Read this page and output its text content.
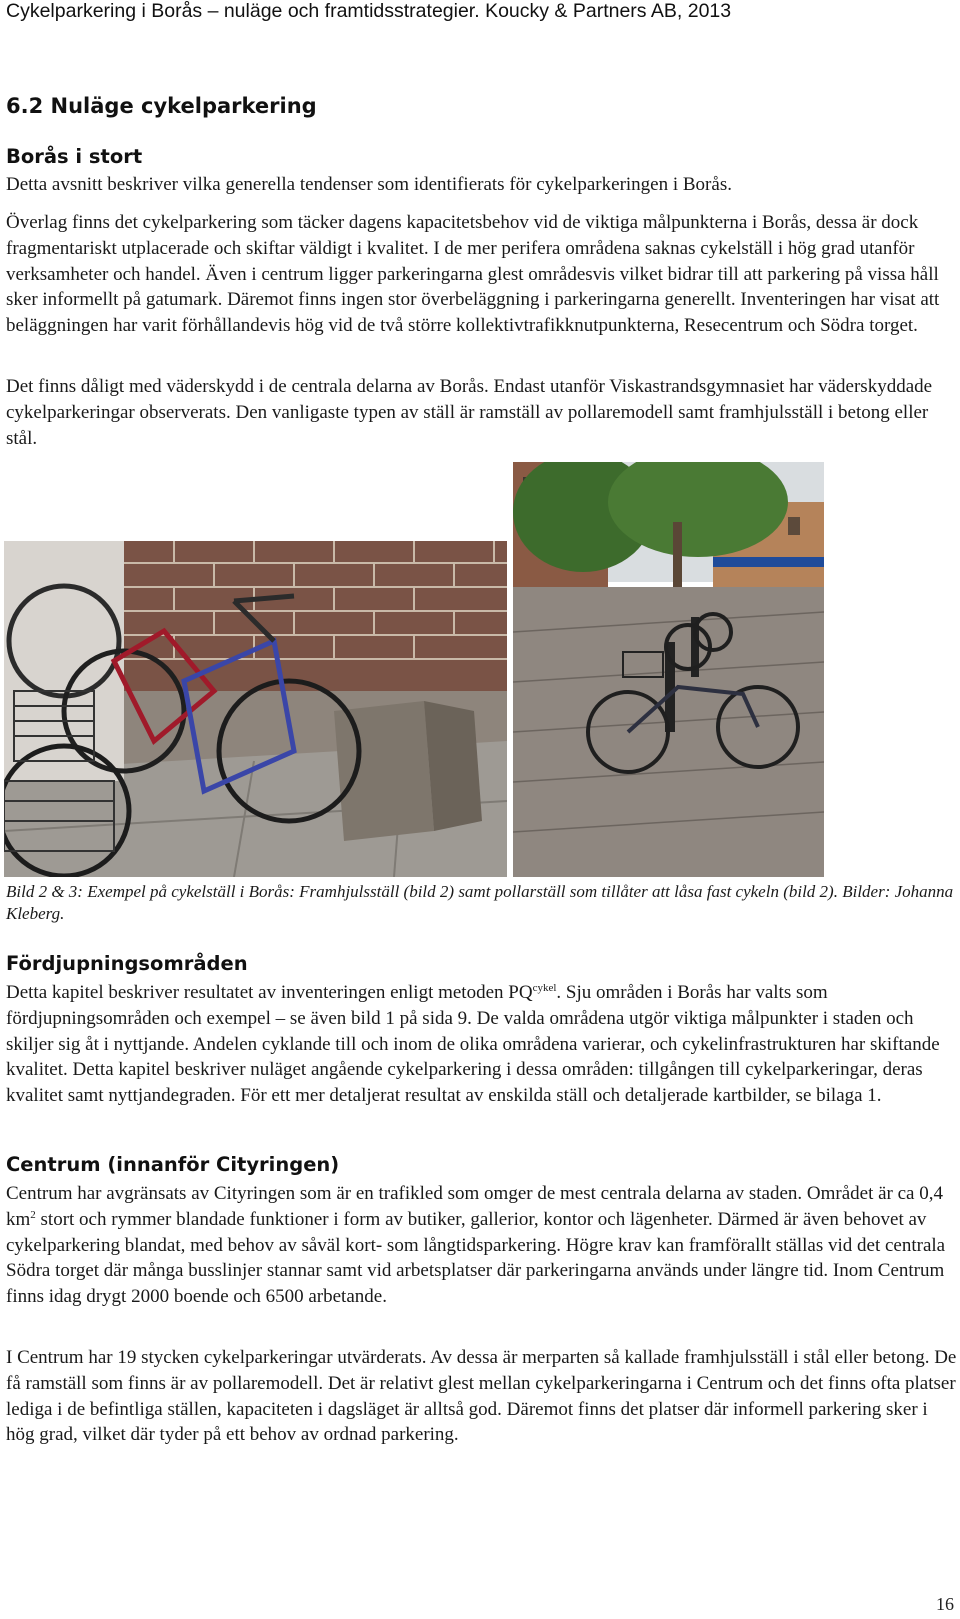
Cykelparkering i Borås – nuläge och framtidsstrategier. Koucky & Partners AB, 2013
6.2 Nuläge cykelparkering
Borås i stort

Detta avsnitt beskriver vilka generella tendenser som identifierats för cykelparkeringen i Borås.

Överlag finns det cykelparkering som täcker dagens kapacitetsbehov vid de viktiga målpunkterna i Borås, dessa är dock fragmentariskt utplacerade och skiftar väldigt i kvalitet. I de mer perifera områdena saknas cykelställ i hög grad utanför verksamheter och handel. Även i centrum ligger parkeringarna glest områdesvis vilket bidrar till att parkering på vissa håll sker informellt på gatumark. Däremot finns ingen stor överbeläggning i parkeringarna generellt. Inventeringen har visat att beläggningen har varit förhållandevis hög vid de två större kollektivtrafikknutpunkterna, Resecentrum och Södra torget.

Det finns dåligt med väderskydd i de centrala delarna av Borås. Endast utanför Viskastrandsgymnasiet har väderskyddade cykelparkeringar observerats. Den vanligaste typen av ställ är ramställ av pollaremodell samt framhjulsställ i betong eller stål.

Bild 2 & 3: Exempel på cykelställ i Borås: Framhjulsställ (bild 2) samt pollarställ som tillåter att låsa fast cykeln (bild 2). Bilder: Johanna Kleberg.
Fördjupningsområden

Detta kapitel beskriver resultatet av inventeringen enligt metoden $PQ^{cykel}$. Sju områden i Borås har valts som fördjupningsområden och exempel – se även bild 1 på sida 9. De valda områdena utgör viktiga målpunkter i staden och skiljer sig åt i nyttjande. Andelen cyklande till och inom de olika områdena varierar, och cykelinfrastrukturen har skiftande kvalitet. Detta kapitel beskriver nuläget angående cykelparkering i dessa områden: tillgången till cykelparkeringar, deras kvalitet samt nyttjandegraden. För ett mer detaljerat resultat av enskilda ställ och detaljerade kartbilder, se bilaga 1.

Centrum (innanför Cityringen)

Centrum har avgränsats av Cityringen som är en trafikled som omger de mest centrala delarna av staden. Området är ca 0,4 $km^2$ stort och rymmer blandade funktioner i form av butiker, gallerior, kontor och lägenheter. Därmed är även behovet av cykelparkering blandat, med behov av såväl kort- som långtidsparkering. Högre krav kan framförallt ställas vid det centrala Södra torget där många busslinjer stannar samt vid arbetsplatser där parkeringarna används under längre tid. Inom Centrum finns idag drygt 2000 boende och 6500 arbetande.

I Centrum har 19 stycken cykelparkeringar utvärderats. Av dessa är merparten så kallade framhjulsställ i stål eller betong. De få ramställ som finns är av pollaremodell. Det är relativt glest mellan cykelparkeringarna i Centrum och det finns ofta platser lediga i de befintliga ställen, kapaciteten i dagsläget är alltså god. Däremot finns det platser där informell parkering sker i hög grad, vilket där tyder på ett behov av ordnad parkering.

16
